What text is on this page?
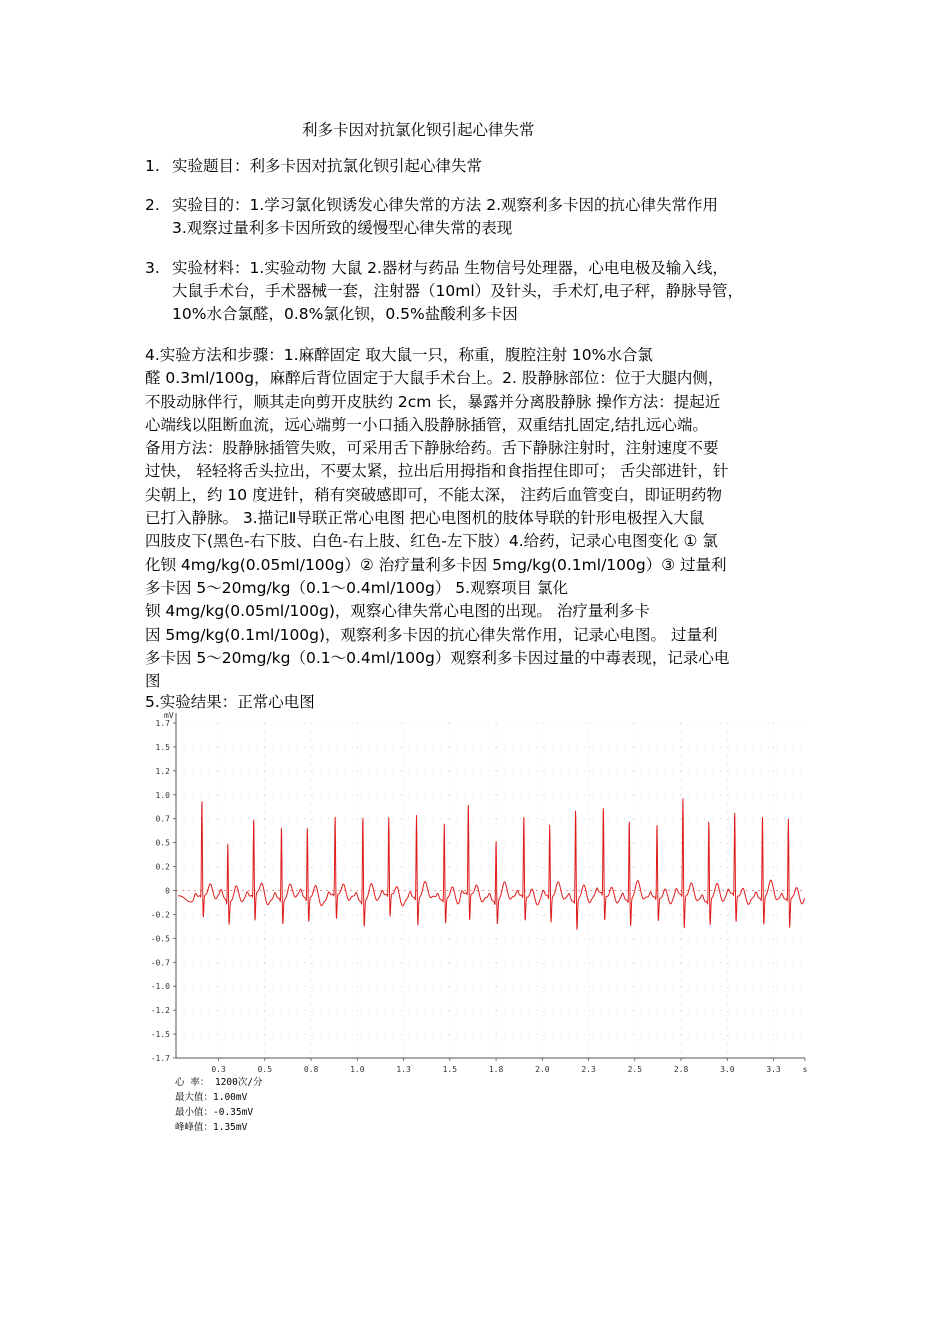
利多卡因对抗氯化钡引起心律失常
1. 实验题目：利多卡因对抗氯化钡引起心律失常
2. 实验目的：1.学习氯化钡诱发心律失常的方法 2.观察利多卡因的抗心律失常作用
3.观察过量利多卡因所致的缓慢型心律失常的表现
3. 实验材料：1.实验动物 大鼠 2.器材与药品 生物信号处理器，心电电极及输入线，
大鼠手术台，手术器械一套，注射器（10ml）及针头，手术灯,电子秤，静脉导管，
10%水合氯醛，0.8%氯化钡，0.5%盐酸利多卡因
4.实验方法和步骤：1.麻醉固定 取大鼠一只，称重，腹腔注射 10%水合氯
醛 0.3ml/100g，麻醉后背位固定于大鼠手术台上。2. 股静脉部位：位于大腿内侧，
不股动脉伴行，顺其走向剪开皮肤约 2cm 长，暴露并分离股静脉 操作方法：提起近
心端线以阻断血流，远心端剪一小口插入股静脉插管，双重结扎固定,结扎远心端。
备用方法：股静脉插管失败，可采用舌下静脉给药。舌下静脉注射时，注射速度不要
过快， 轻轻将舌头拉出，不要太紧，拉出后用拇指和食指捏住即可； 舌尖部进针，针
尖朝上，约 10 度进针，稍有突破感即可，不能太深， 注药后血管变白，即证明药物
已打入静脉。 3.描记Ⅱ导联正常心电图 把心电图机的肢体导联的针形电极捏入大鼠
四肢皮下(黑色-右下肢、白色-右上肢、红色-左下肢）4.给药，记录心电图变化 ① 氯
化钡 4mg/kg(0.05ml/100g）② 治疗量利多卡因 5mg/kg(0.1ml/100g）③ 过量利
多卡因 5～20mg/kg（0.1～0.4ml/100g） 5.观察项目 氯化
钡 4mg/kg(0.05ml/100g)，观察心律失常心电图的出现。 治疗量利多卡
因 5mg/kg(0.1ml/100g)，观察利多卡因的抗心律失常作用，记录心电图。 过量利
多卡因 5～20mg/kg（0.1～0.4ml/100g）观察利多卡因过量的中毒表现，记录心电
图
5.实验结果：正常心电图
mV
1.7
1.5
1.2
1.0
0.7
0.5
0.2
0
-0.2
-0.5
-0.7
-1.0
-1.2
-1.5
-1.7
0.3	0.5	0.8	1.0	1.3	1.5	1.8	2.0	2.3	2.5	2.8	3.0	3.3	s
心 率： 1200次/分
最大值：1.00mV
最小值：-0.35mV
峰峰值：1.35mV
